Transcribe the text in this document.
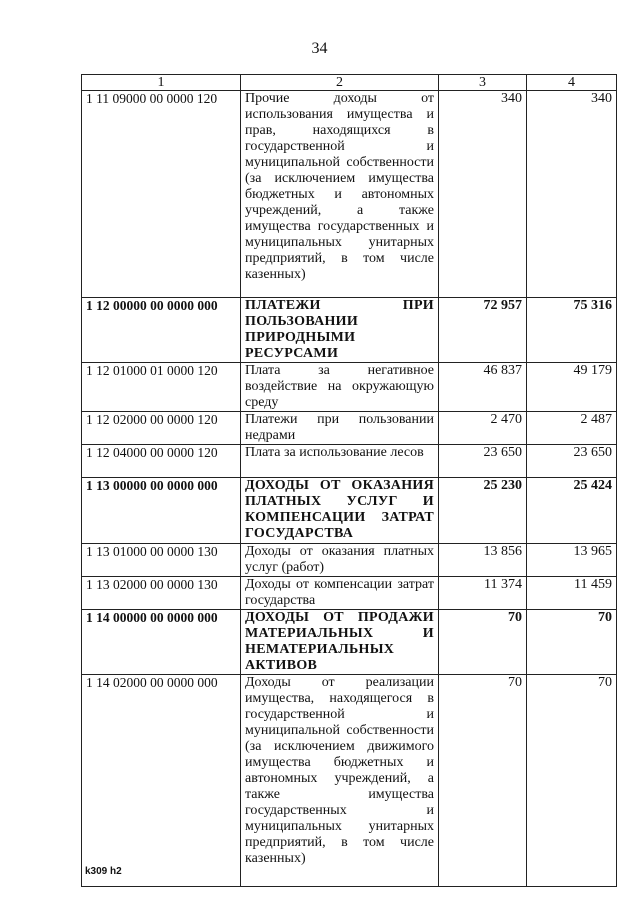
34
1	2	3	4
1 11 09000 00 0000 120	Прочие доходы от использования имущества и прав, находящихся в государственной и муниципальной собственности (за исключением имущества бюджетных и автономных учреждений, а также имущества государственных и муниципальных унитарных предприятий, в том числе казенных)	340	340
1 12 00000 00 0000 000	ПЛАТЕЖИ ПРИ ПОЛЬЗОВАНИИ ПРИРОДНЫМИ РЕСУРСАМИ	72 957	75 316
1 12 01000 01 0000 120	Плата за негативное воздействие на окружающую среду	46 837	49 179
1 12 02000 00 0000 120	Платежи при пользовании недрами	2 470	2 487
1 12 04000 00 0000 120	Плата за использование лесов	23 650	23 650
1 13 00000 00 0000 000	ДОХОДЫ ОТ ОКАЗАНИЯ ПЛАТНЫХ УСЛУГ И КОМПЕНСАЦИИ ЗАТРАТ ГОСУДАРСТВА	25 230	25 424
1 13 01000 00 0000 130	Доходы от оказания платных услуг (работ)	13 856	13 965
1 13 02000 00 0000 130	Доходы от компенсации затрат государства	11 374	11 459
1 14 00000 00 0000 000	ДОХОДЫ ОТ ПРОДАЖИ МАТЕРИАЛЬНЫХ И НЕМАТЕРИАЛЬНЫХ АКТИВОВ	70	70
1 14 02000 00 0000 000	Доходы от реализации имущества, находящегося в государственной и муниципальной собственности (за исключением движимого имущества бюджетных и автономных учреждений, а также имущества государственных и муниципальных унитарных предприятий, в том числе казенных)	70	70
k309 h2
